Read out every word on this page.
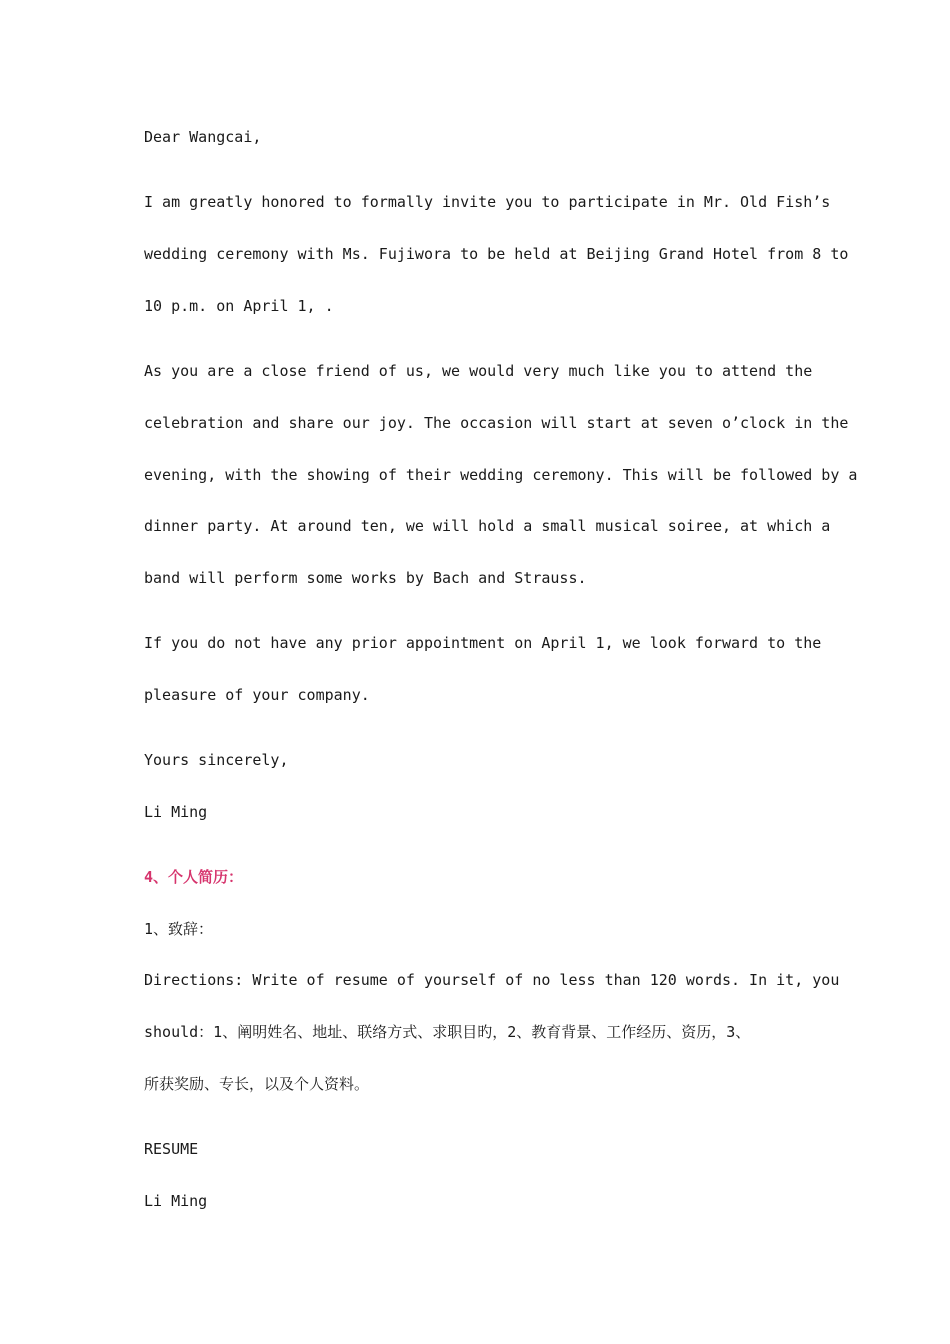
Dear Wangcai,
I am greatly honored to formally invite you to participate in Mr. Old Fish’s
wedding ceremony with Ms. Fujiwora to be held at Beijing Grand Hotel from 8 to
10 p.m. on April 1, .
As you are a close friend of us, we would very much like you to attend the
celebration and share our joy. The occasion will start at seven o’clock in the
evening, with the showing of their wedding ceremony. This will be followed by a
dinner party. At around ten, we will hold a small musical soiree, at which a
band will perform some works by Bach and Strauss.
If you do not have any prior appointment on April 1, we look forward to the
pleasure of your company.
Yours sincerely,
Li Ming
4、个人简历：
1、致辞：
Directions: Write of resume of yourself of no less than 120 words. In it, you
should：1、阐明姓名、地址、联络方式、求职目旳，2、教育背景、工作经历、资历，3、
所获奖励、专长，以及个人资料。
RESUME
Li Ming
